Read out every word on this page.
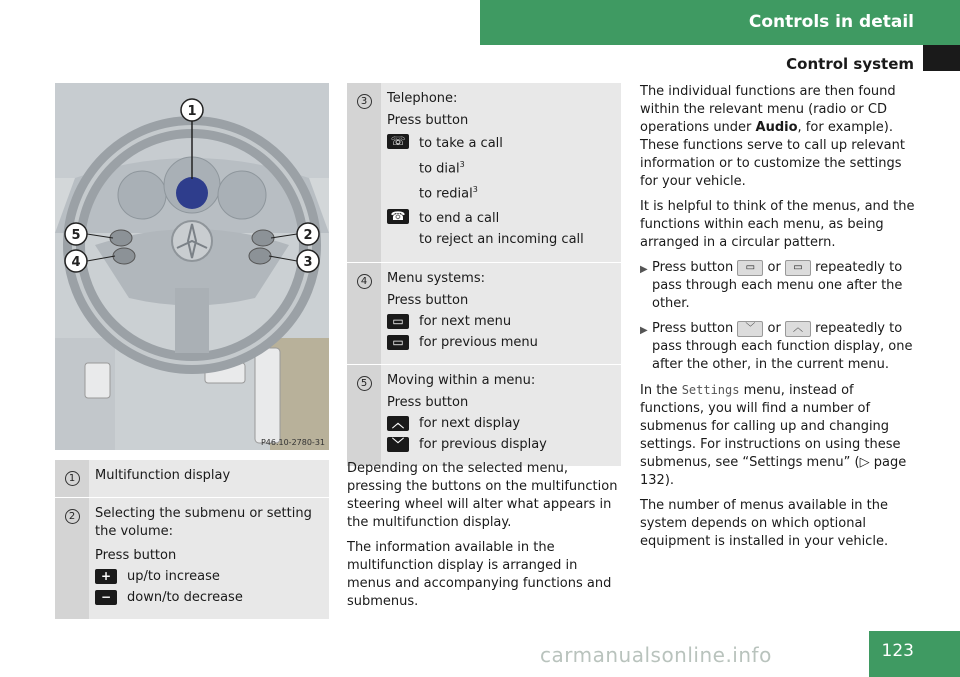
Controls in detail
Control system
1
5
4
2
3
P46.10-2780-31
1	Multifunction display
2	Selecting the submenu or setting the volume:
Press button
+	up/to increase
−	down/to decrease
3	Telephone:
Press button
☏ to take a call
to dial$^3$
to redial$^3$
☎ to end a call
to reject an incoming call
4	Menu systems:
Press button
▭	for next menu
▭	for previous menu
5	Moving within a menu:
Press button
︿	for next display
﹀	for previous display

Depending on the selected menu, pressing the buttons on the multifunction steering wheel will alter what appears in the multifunction display.

The information available in the multifunction display is arranged in menus and accompanying functions and submenus.

The individual functions are then found within the relevant menu (radio or CD operations under Audio, for example). These functions serve to call up relevant information or to customize the settings for your vehicle.

It is helpful to think of the menus, and the functions within each menu, as being arranged in a circular pattern.

▶ Press button ▭ or ▭ repeatedly to pass through each menu one after the other.
▶ Press button ﹀ or ︿ repeatedly to pass through each function display, one after the other, in the current menu.

In the Settings menu, instead of functions, you will find a number of submenus for calling up and changing settings. For instructions on using these submenus, see “Settings menu” (▷ page 132).

The number of menus available in the system depends on which optional equipment is installed in your vehicle.

123
carmanualsonline.info
